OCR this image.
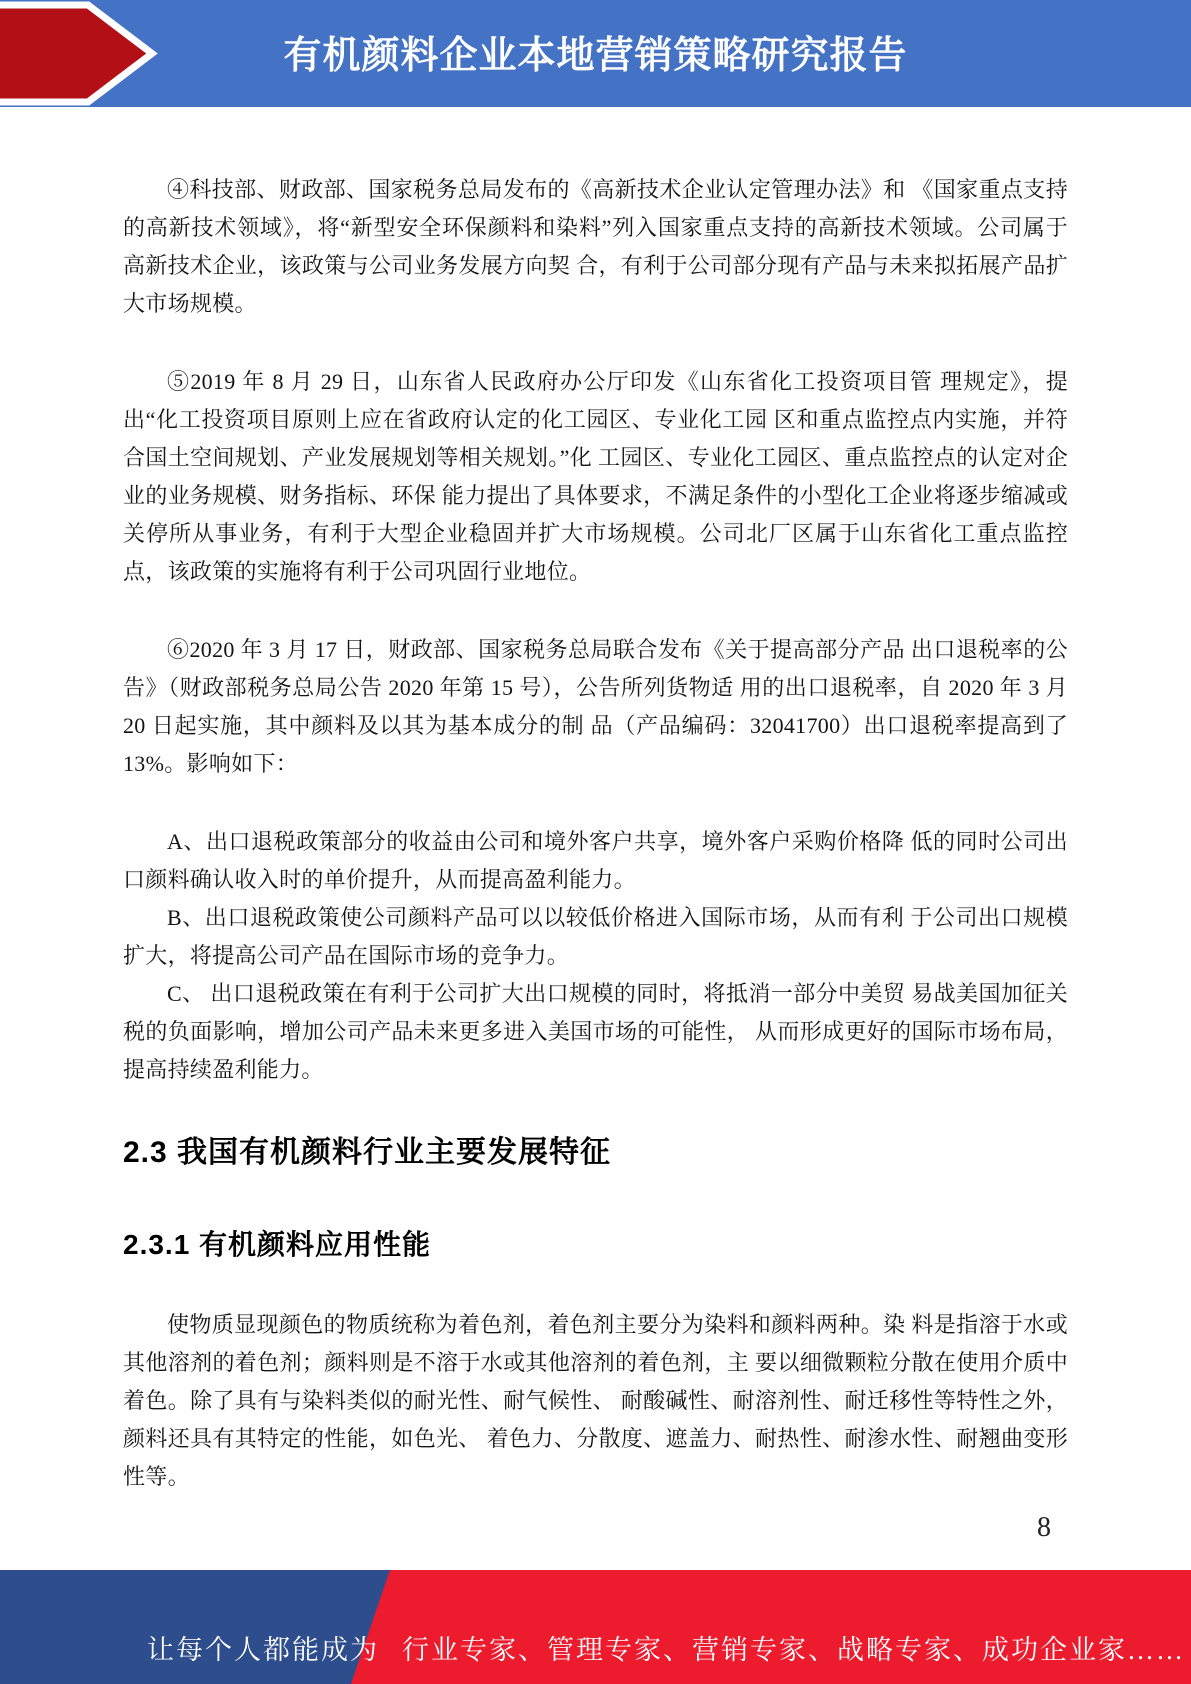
有机颜料企业本地营销策略研究报告

④科技部、财政部、国家税务总局发布的《高新技术企业认定管理办法》和 《国家重点支持的高新技术领域》，将“新型安全环保颜料和染料”列入国家重点支持的高新技术领域。公司属于高新技术企业，该政策与公司业务发展方向契 合，有利于公司部分现有产品与未来拟拓展产品扩大市场规模。

⑤2019 年 8 月 29 日，山东省人民政府办公厅印发《山东省化工投资项目管 理规定》，提出“化工投资项目原则上应在省政府认定的化工园区、专业化工园 区和重点监控点内实施，并符合国土空间规划、产业发展规划等相关规划。”化 工园区、专业化工园区、重点监控点的认定对企业的业务规模、财务指标、环保 能力提出了具体要求，不满足条件的小型化工企业将逐步缩减或关停所从事业务，有利于大型企业稳固并扩大市场规模。公司北厂区属于山东省化工重点监控点，该政策的实施将有利于公司巩固行业地位。

⑥2020 年 3 月 17 日，财政部、国家税务总局联合发布《关于提高部分产品 出口退税率的公告》（财政部税务总局公告 2020 年第 15 号），公告所列货物适 用的出口退税率，自 2020 年 3 月 20 日起实施，其中颜料及以其为基本成分的制 品（产品编码：32041700）出口退税率提高到了 13%。影响如下：

A、出口退税政策部分的收益由公司和境外客户共享，境外客户采购价格降 低的同时公司出口颜料确认收入时的单价提升，从而提高盈利能力。

B、出口退税政策使公司颜料产品可以以较低价格进入国际市场，从而有利 于公司出口规模扩大，将提高公司产品在国际市场的竞争力。

C、 出口退税政策在有利于公司扩大出口规模的同时，将抵消一部分中美贸 易战美国加征关税的负面影响，增加公司产品未来更多进入美国市场的可能性， 从而形成更好的国际市场布局，提高持续盈利能力。

2.3 我国有机颜料行业主要发展特征
2.3.1 有机颜料应用性能

使物质显现颜色的物质统称为着色剂，着色剂主要分为染料和颜料两种。染 料是指溶于水或其他溶剂的着色剂；颜料则是不溶于水或其他溶剂的着色剂，主 要以细微颗粒分散在使用介质中着色。除了具有与染料类似的耐光性、耐气候性、 耐酸碱性、耐溶剂性、耐迁移性等特性之外，颜料还具有其特定的性能，如色光、 着色力、分散度、遮盖力、耐热性、耐渗水性、耐翘曲变形性等。

8
让每个人都能成为 行业专家、管理专家、营销专家、战略专家、成功企业家……
